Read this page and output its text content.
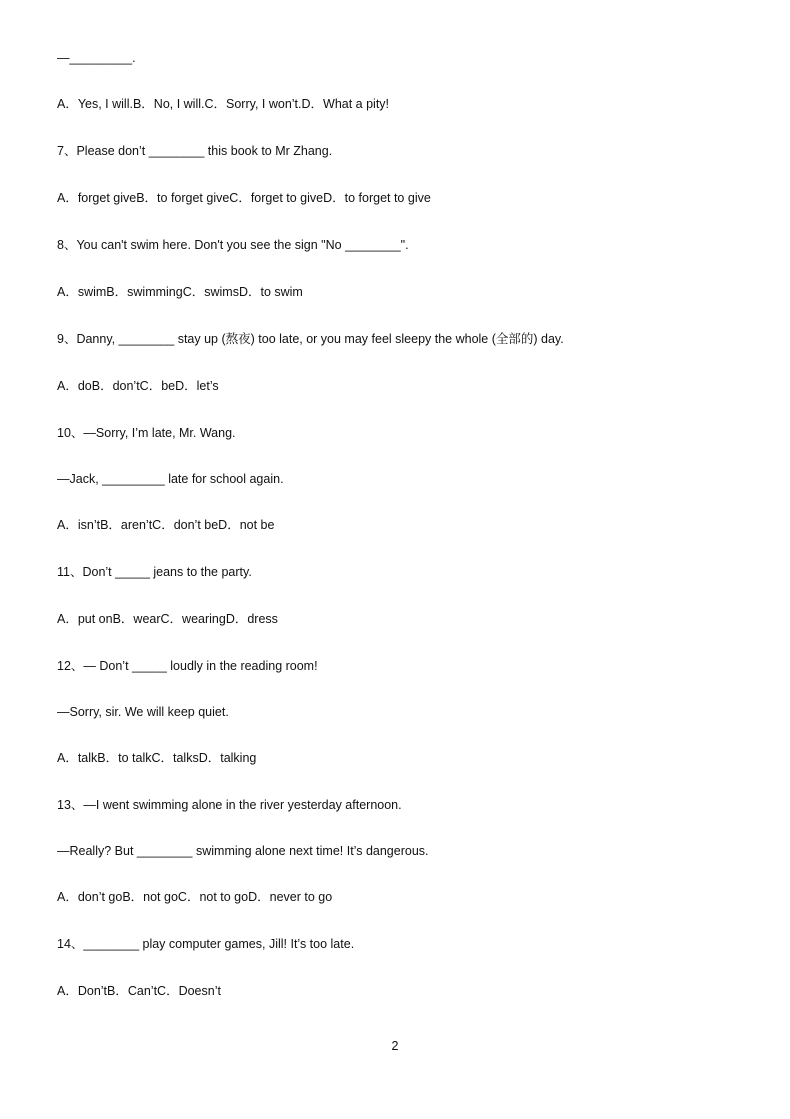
—_________.
A．Yes, I will.B．No, I will.C．Sorry, I won’t.D．What a pity!
7、Please don’t ________ this book to Mr Zhang.
A．forget giveB．to forget giveC．forget to giveD．to forget to give
8、You can't swim here. Don't you see the sign "No ________".
A．swimB．swimmingC．swimsD．to swim
9、Danny, ________ stay up (熬夜) too late, or you may feel sleepy the whole (全部的) day.
A．doB．don’tC．beD．let’s
10、—Sorry, I’m late, Mr. Wang.
—Jack, _________ late for school again.
A．isn’tB．aren’tC．don’t beD．not be
11、Don’t _____ jeans to the party.
A．put onB．wearC．wearingD．dress
12、— Don’t _____ loudly in the reading room!
—Sorry, sir. We will keep quiet.
A．talkB．to talkC．talksD．talking
13、—I went swimming alone in the river yesterday afternoon.
—Really? But ________ swimming alone next time! It’s dangerous.
A．don’t goB．not goC．not to goD．never to go
14、________ play computer games, Jill! It’s too late.
A．Don’tB．Can’tC．Doesn’t
2
